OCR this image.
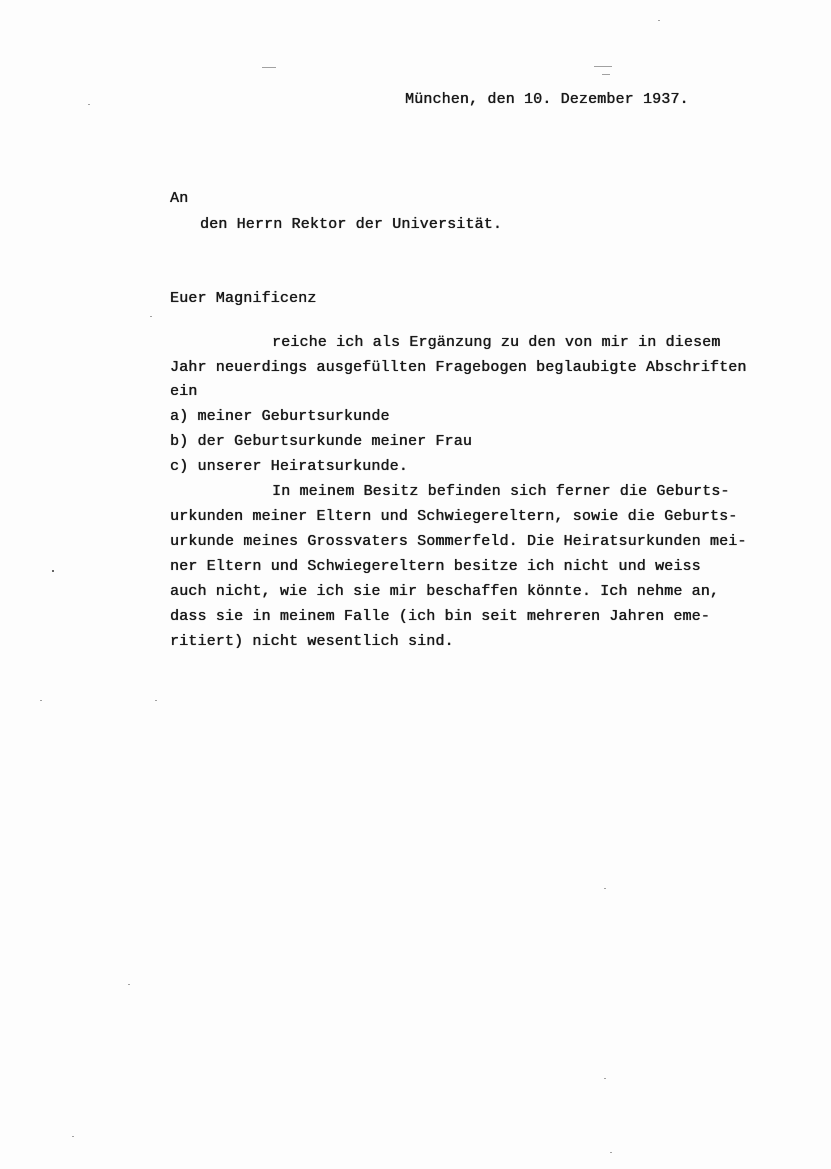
München, den 10. Dezember 1937.
An
den Herrn Rektor der Universität.
Euer Magnificenz
reiche ich als Ergänzung zu den von mir in diesem
Jahr neuerdings ausgefüllten Fragebogen beglaubigte Abschriften
ein
a) meiner Geburtsurkunde
b) der Geburtsurkunde meiner Frau
c) unserer Heiratsurkunde.
In meinem Besitz befinden sich ferner die Geburts-
urkunden meiner Eltern und Schwiegereltern, sowie die Geburts-
urkunde meines Grossvaters Sommerfeld. Die Heiratsurkunden mei-
ner Eltern und Schwiegereltern besitze ich nicht und weiss
auch nicht, wie ich sie mir beschaffen könnte. Ich nehme an,
dass sie in meinem Falle (ich bin seit mehreren Jahren eme-
ritiert) nicht wesentlich sind.
